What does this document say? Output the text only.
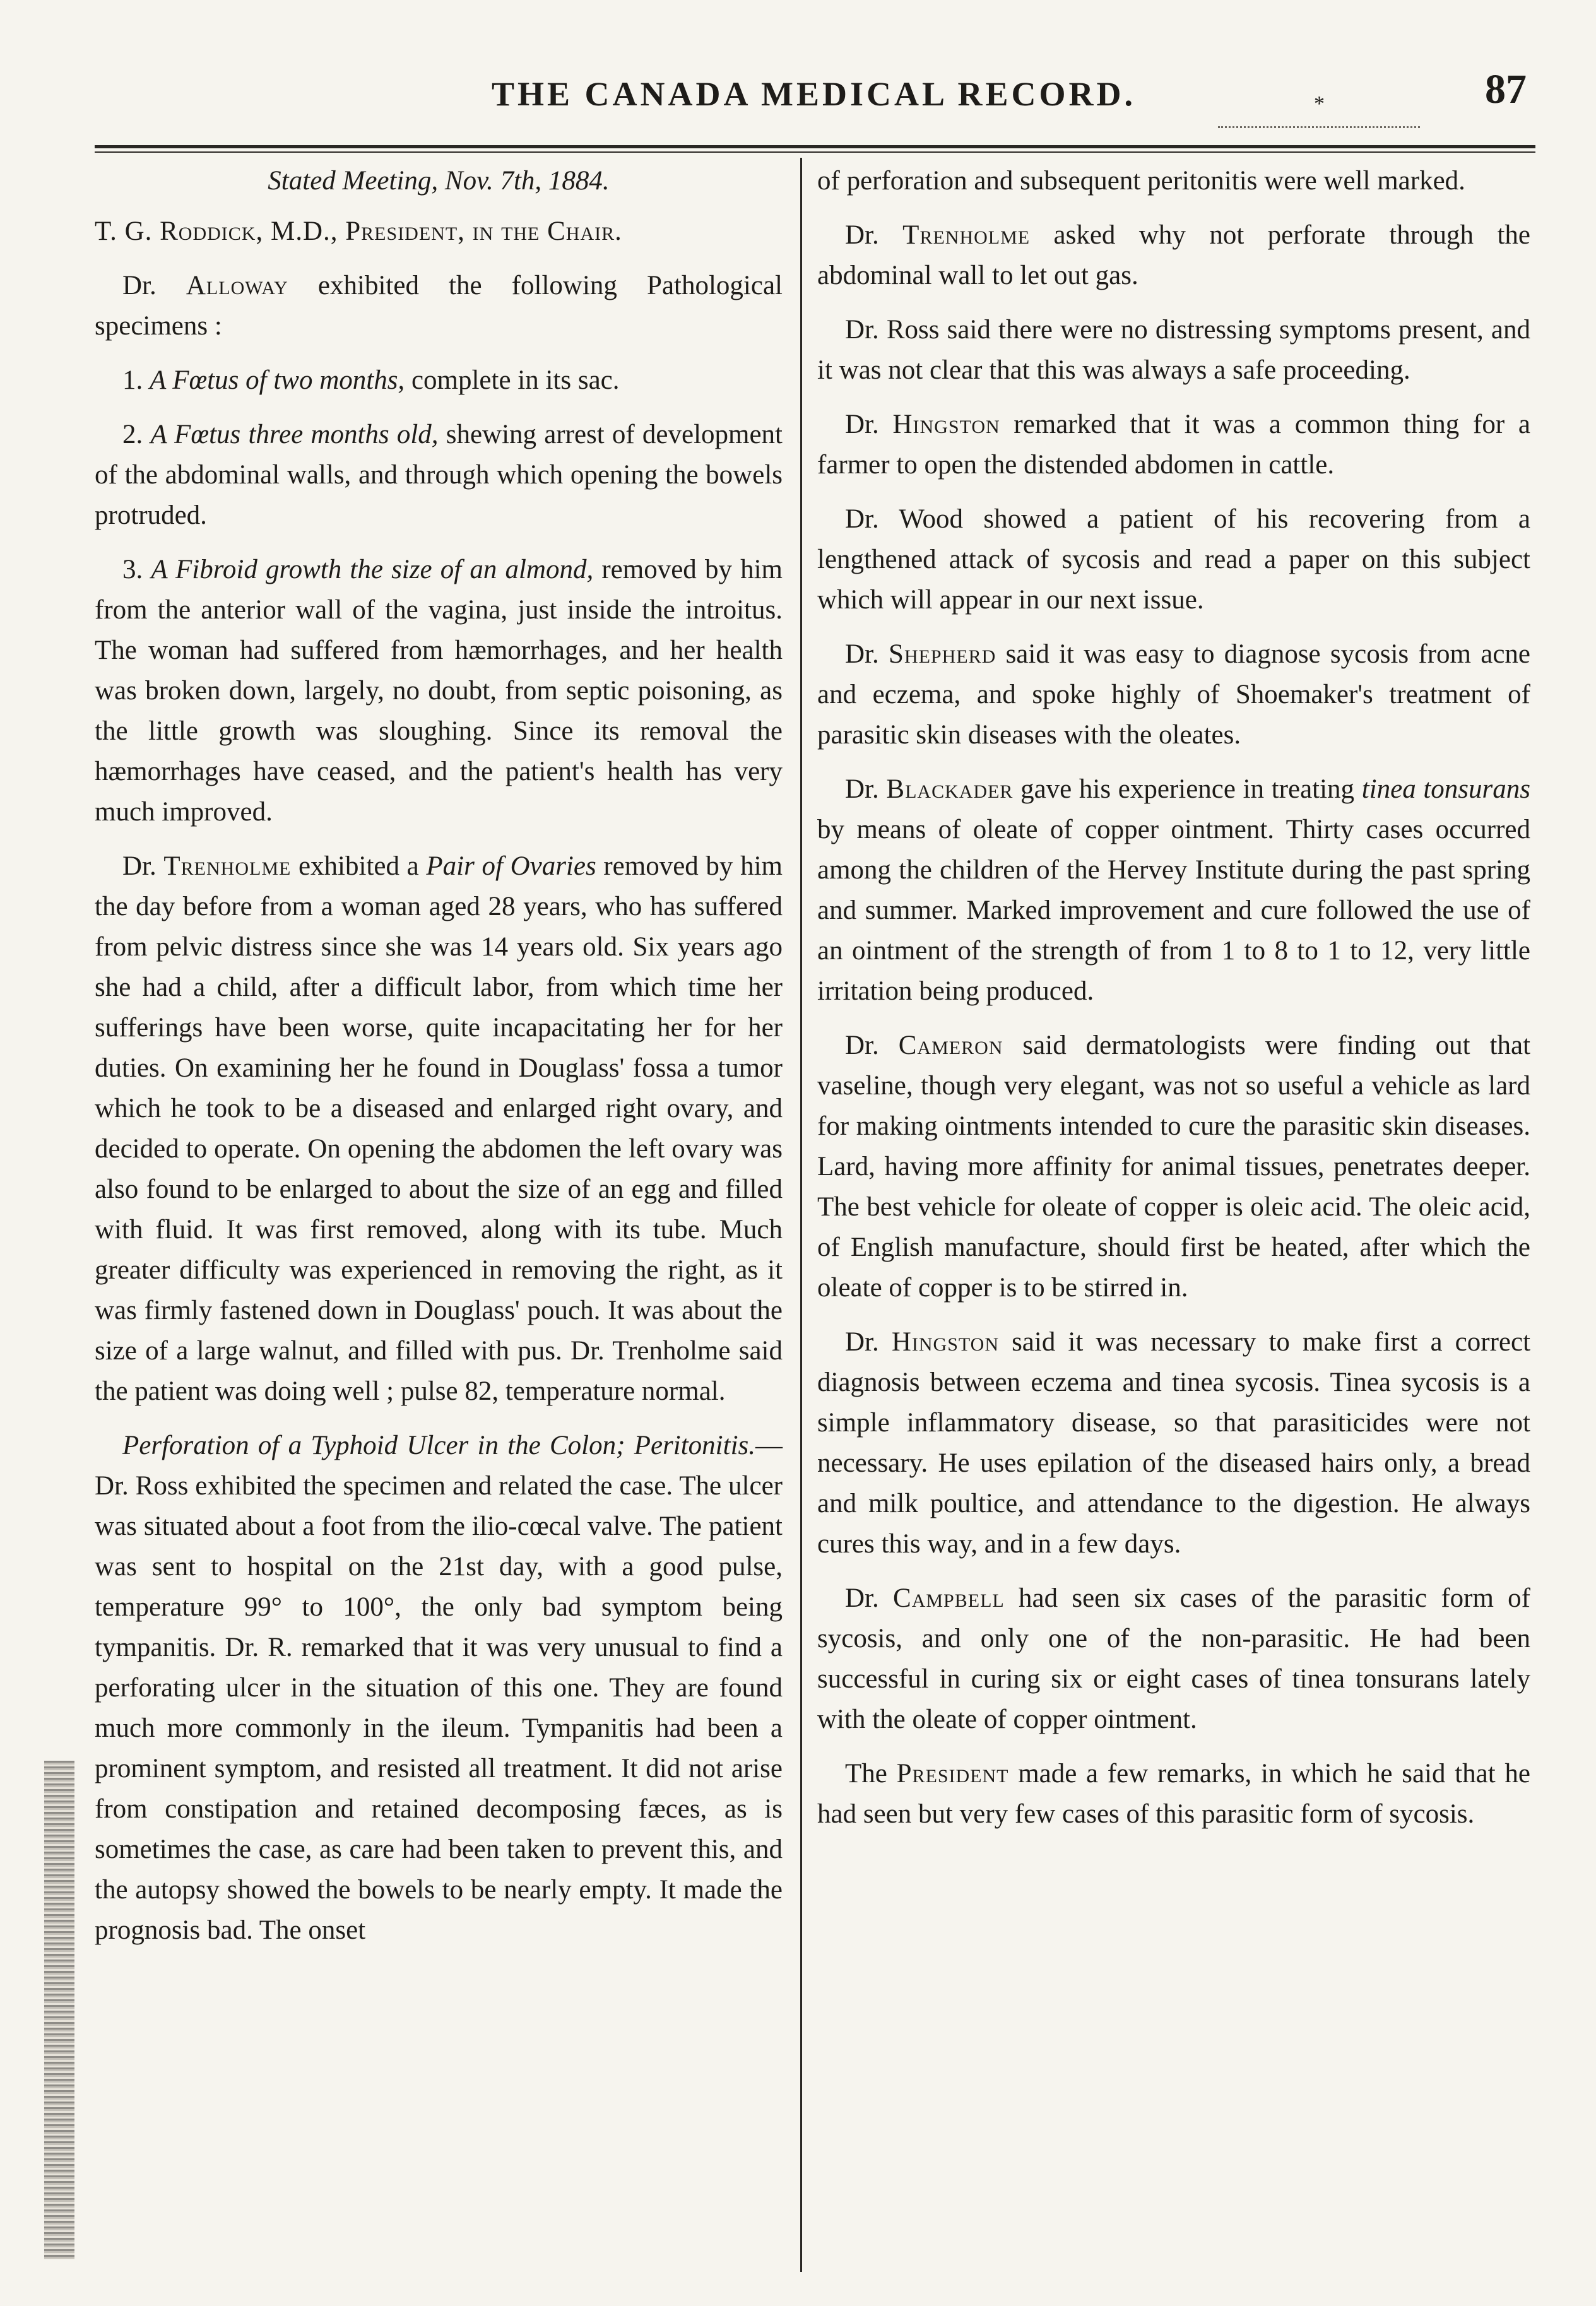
THE CANADA MEDICAL RECORD.	87
*

Stated Meeting, Nov. 7th, 1884.

T. G. Roddick, M.D., President, in the Chair.

Dr. Alloway exhibited the following Pathological specimens :

1. A Fœtus of two months, complete in its sac.

2. A Fœtus three months old, shewing arrest of development of the abdominal walls, and through which opening the bowels protruded.

3. A Fibroid growth the size of an almond, removed by him from the anterior wall of the vagina, just inside the introitus. The woman had suffered from hæmorrhages, and her health was broken down, largely, no doubt, from septic poisoning, as the little growth was sloughing. Since its removal the hæmorrhages have ceased, and the patient's health has very much improved.

Dr. Trenholme exhibited a Pair of Ovaries removed by him the day before from a woman aged 28 years, who has suffered from pelvic distress since she was 14 years old. Six years ago she had a child, after a difficult labor, from which time her sufferings have been worse, quite incapacitating her for her duties. On examining her he found in Douglass' fossa a tumor which he took to be a diseased and enlarged right ovary, and decided to operate. On opening the abdomen the left ovary was also found to be enlarged to about the size of an egg and filled with fluid. It was first removed, along with its tube. Much greater difficulty was experienced in removing the right, as it was firmly fastened down in Douglass' pouch. It was about the size of a large walnut, and filled with pus. Dr. Trenholme said the patient was doing well ; pulse 82, temperature normal.

Perforation of a Typhoid Ulcer in the Colon; Peritonitis.—Dr. Ross exhibited the specimen and related the case. The ulcer was situated about a foot from the ilio-cœcal valve. The patient was sent to hospital on the 21st day, with a good pulse, temperature 99° to 100°, the only bad symptom being tympanitis. Dr. R. remarked that it was very unusual to find a perforating ulcer in the situation of this one. They are found much more commonly in the ileum. Tympanitis had been a prominent symptom, and resisted all treatment. It did not arise from constipation and retained decomposing fæces, as is sometimes the case, as care had been taken to prevent this, and the autopsy showed the bowels to be nearly empty. It made the prognosis bad. The onset

of perforation and subsequent peritonitis were well marked.

Dr. Trenholme asked why not perforate through the abdominal wall to let out gas.

Dr. Ross said there were no distressing symptoms present, and it was not clear that this was always a safe proceeding.

Dr. Hingston remarked that it was a common thing for a farmer to open the distended abdomen in cattle.

Dr. Wood showed a patient of his recovering from a lengthened attack of sycosis and read a paper on this subject which will appear in our next issue.

Dr. Shepherd said it was easy to diagnose sycosis from acne and eczema, and spoke highly of Shoemaker's treatment of parasitic skin diseases with the oleates.

Dr. Blackader gave his experience in treating tinea tonsurans by means of oleate of copper ointment. Thirty cases occurred among the children of the Hervey Institute during the past spring and summer. Marked improvement and cure followed the use of an ointment of the strength of from 1 to 8 to 1 to 12, very little irritation being produced.

Dr. Cameron said dermatologists were finding out that vaseline, though very elegant, was not so useful a vehicle as lard for making ointments intended to cure the parasitic skin diseases. Lard, having more affinity for animal tissues, penetrates deeper. The best vehicle for oleate of copper is oleic acid. The oleic acid, of English manufacture, should first be heated, after which the oleate of copper is to be stirred in.

Dr. Hingston said it was necessary to make first a correct diagnosis between eczema and tinea sycosis. Tinea sycosis is a simple inflammatory disease, so that parasiticides were not necessary. He uses epilation of the diseased hairs only, a bread and milk poultice, and attendance to the digestion. He always cures this way, and in a few days.

Dr. Campbell had seen six cases of the parasitic form of sycosis, and only one of the non-parasitic. He had been successful in curing six or eight cases of tinea tonsurans lately with the oleate of copper ointment.

The President made a few remarks, in which he said that he had seen but very few cases of this parasitic form of sycosis.
